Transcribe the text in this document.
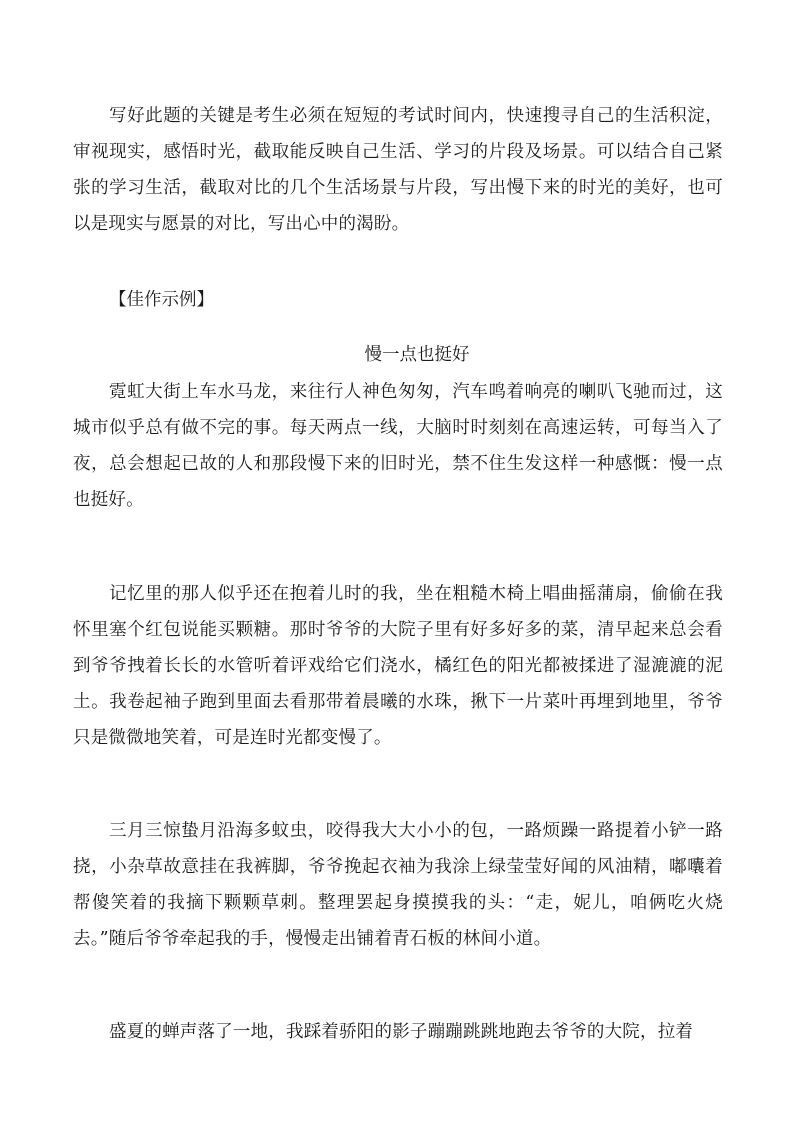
写好此题的关键是考生必须在短短的考试时间内，快速搜寻自己的生活积淀，审视现实，感悟时光，截取能反映自己生活、学习的片段及场景。可以结合自己紧张的学习生活，截取对比的几个生活场景与片段，写出慢下来的时光的美好，也可以是现实与愿景的对比，写出心中的渴盼。

【佳作示例】

慢一点也挺好

霓虹大街上车水马龙，来往行人神色匆匆，汽车鸣着响亮的喇叭飞驰而过，这城市似乎总有做不完的事。每天两点一线，大脑时时刻刻在高速运转，可每当入了夜，总会想起已故的人和那段慢下来的旧时光，禁不住生发这样一种感慨：慢一点也挺好。

记忆里的那人似乎还在抱着儿时的我，坐在粗糙木椅上唱曲摇蒲扇，偷偷在我怀里塞个红包说能买颗糖。那时爷爷的大院子里有好多好多的菜，清早起来总会看到爷爷拽着长长的水管听着评戏给它们浇水，橘红色的阳光都被揉进了湿漉漉的泥土。我卷起袖子跑到里面去看那带着晨曦的水珠，揪下一片菜叶再埋到地里，爷爷只是微微地笑着，可是连时光都变慢了。

三月三惊蛰月沿海多蚊虫，咬得我大大小小的包，一路烦躁一路提着小铲一路挠，小杂草故意挂在我裤脚，爷爷挽起衣袖为我涂上绿莹莹好闻的风油精，嘟囔着帮傻笑着的我摘下颗颗草刺。整理罢起身摸摸我的头：“走，妮儿，咱俩吃火烧去。”随后爷爷牵起我的手，慢慢走出铺着青石板的林间小道。

盛夏的蝉声落了一地，我踩着骄阳的影子蹦蹦跳跳地跑去爷爷的大院，拉着
